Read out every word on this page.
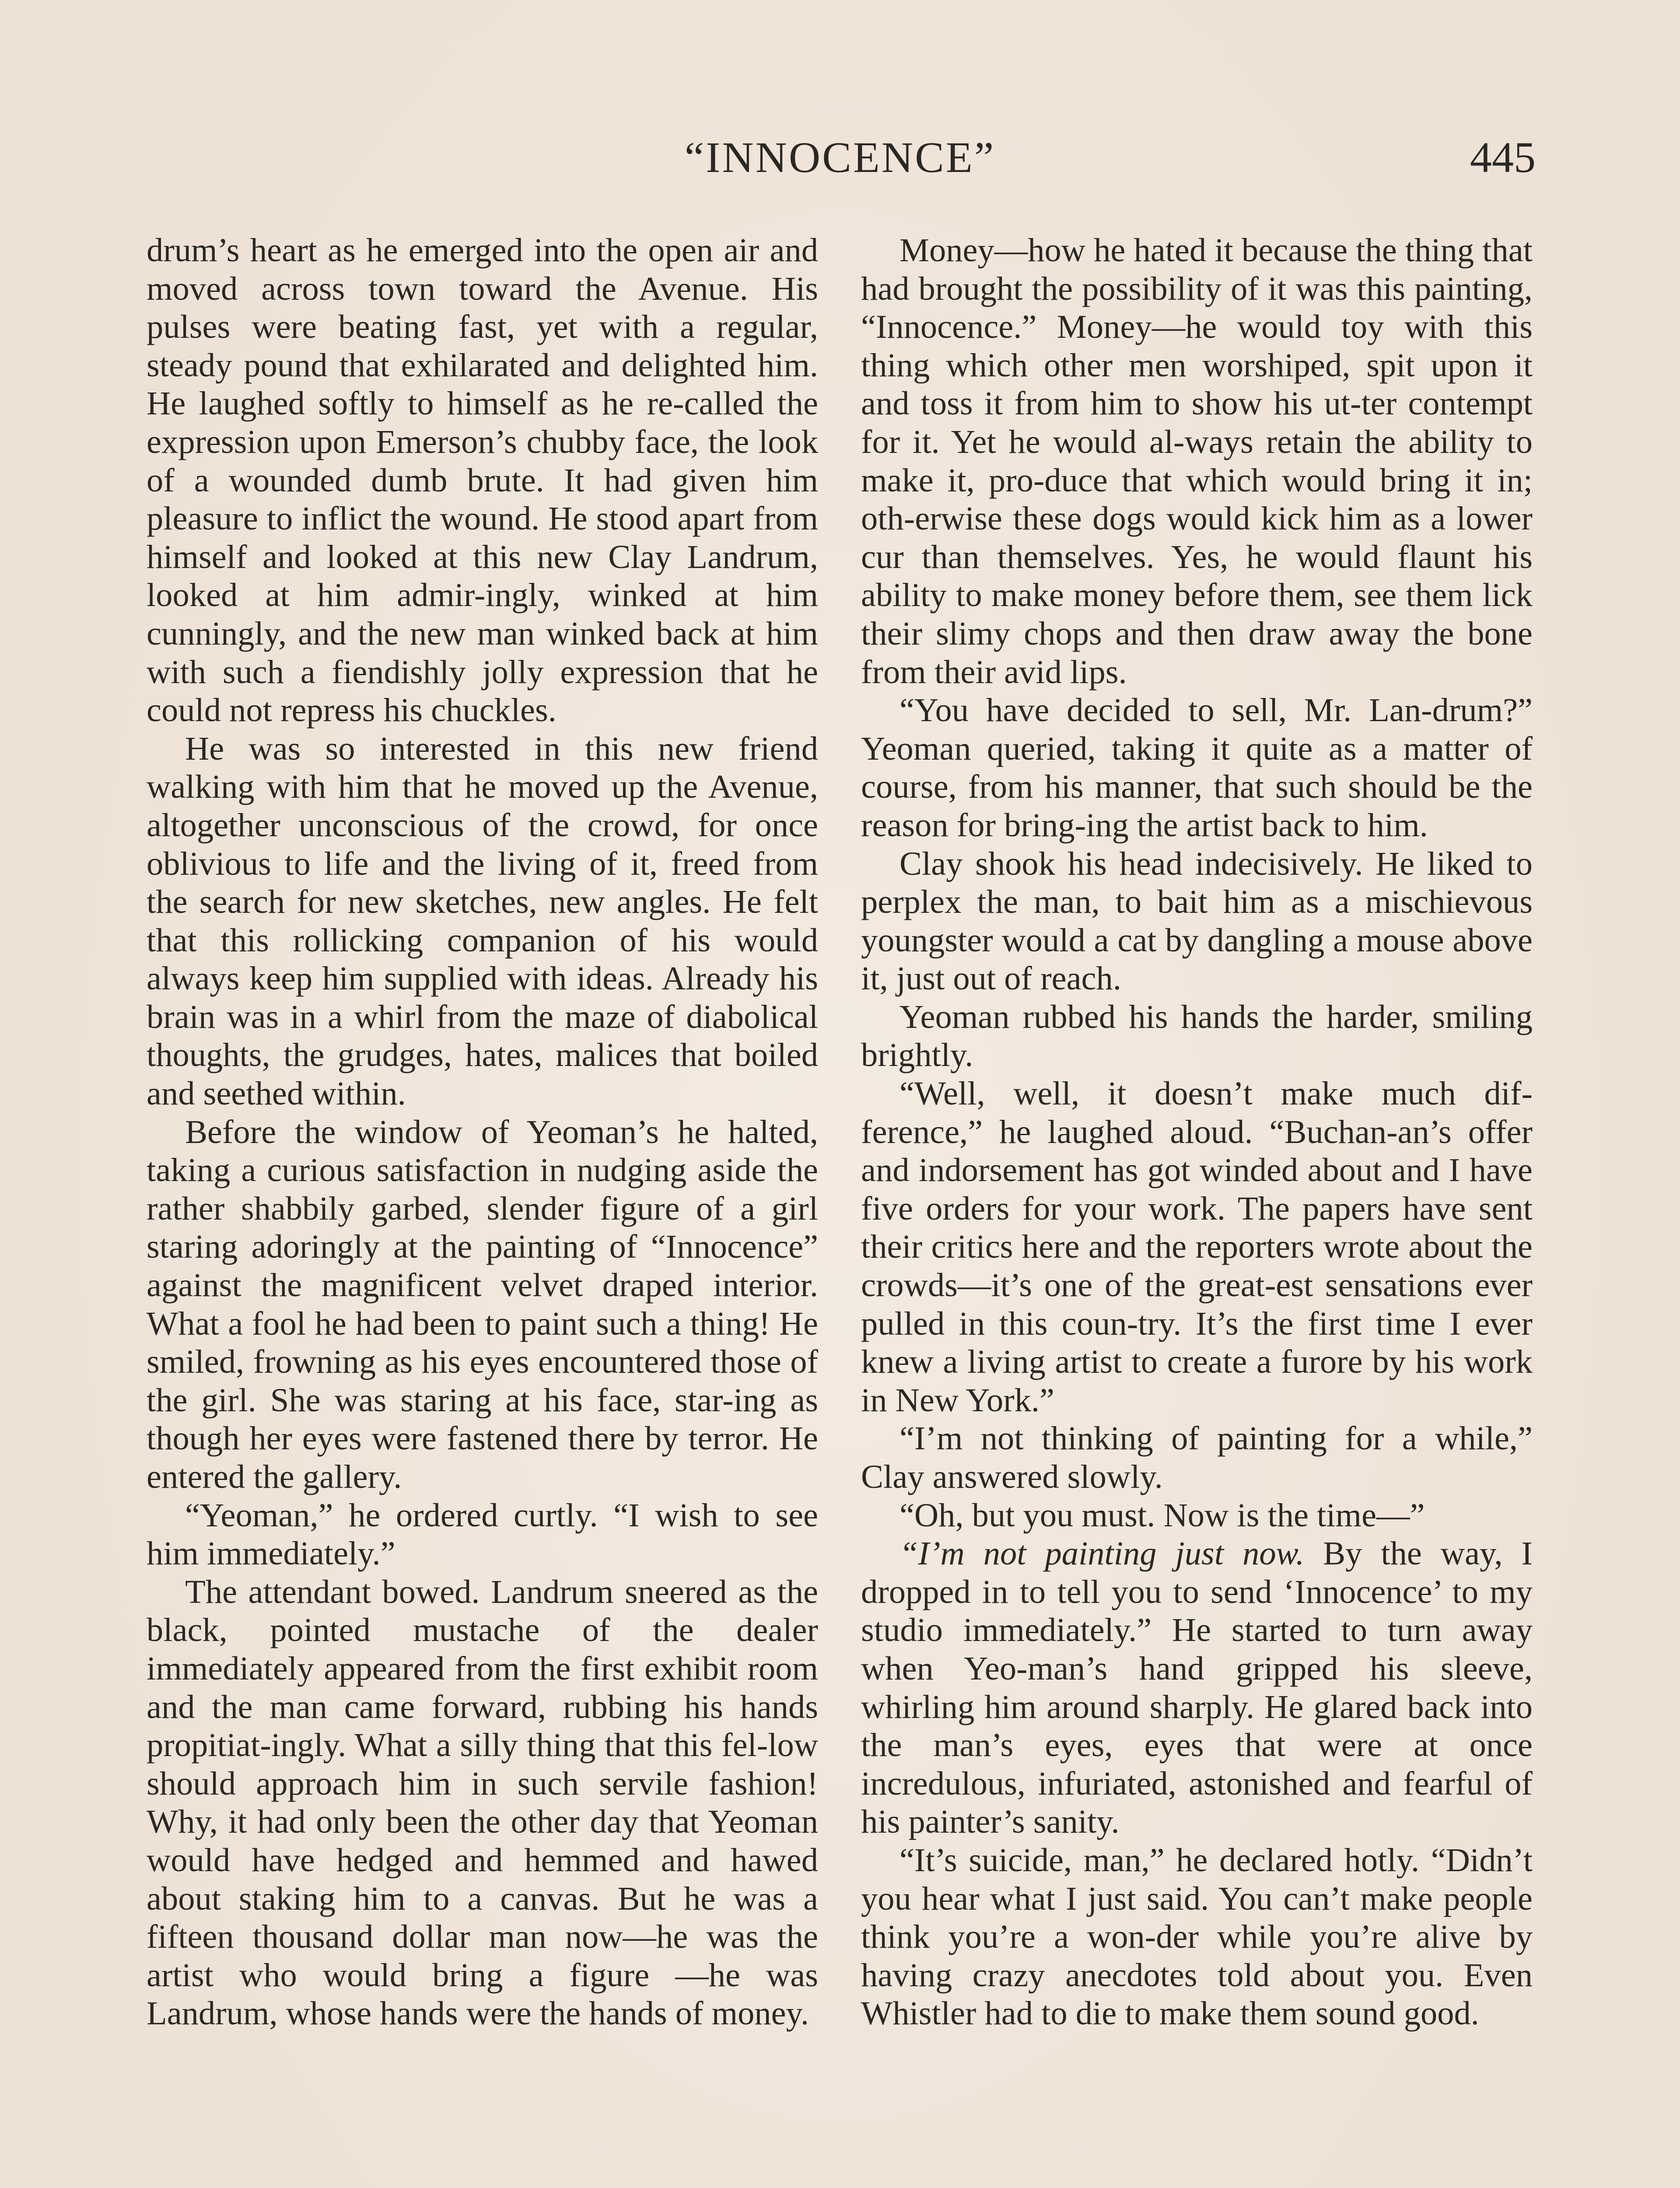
“INNOCENCE”	445

drum’s heart as he emerged into the open air and moved across town toward the Avenue. His pulses were beating fast, yet with a regular, steady pound that exhilarated and delighted him. He laughed softly to himself as he re-called the expression upon Emerson’s chubby face, the look of a wounded dumb brute. It had given him pleasure to inflict the wound. He stood apart from himself and looked at this new Clay Landrum, looked at him admir-ingly, winked at him cunningly, and the new man winked back at him with such a fiendishly jolly expression that he could not repress his chuckles.

He was so interested in this new friend walking with him that he moved up the Avenue, altogether unconscious of the crowd, for once oblivious to life and the living of it, freed from the search for new sketches, new angles. He felt that this rollicking companion of his would always keep him supplied with ideas. Already his brain was in a whirl from the maze of diabolical thoughts, the grudges, hates, malices that boiled and seethed within.

Before the window of Yeoman’s he halted, taking a curious satisfaction in nudging aside the rather shabbily garbed, slender figure of a girl staring adoringly at the painting of “Innocence” against the magnificent velvet draped interior. What a fool he had been to paint such a thing! He smiled, frowning as his eyes encountered those of the girl. She was staring at his face, star-ing as though her eyes were fastened there by terror. He entered the gallery.

“Yeoman,” he ordered curtly. “I wish to see him immediately.”

The attendant bowed. Landrum sneered as the black, pointed mustache of the dealer immediately appeared from the first exhibit room and the man came forward, rubbing his hands propitiat-ingly. What a silly thing that this fel-low should approach him in such servile fashion! Why, it had only been the other day that Yeoman would have hedged and hemmed and hawed about staking him to a canvas. But he was a fifteen thousand dollar man now—he was the artist who would bring a figure —he was Landrum, whose hands were the hands of money.

Money—how he hated it because the thing that had brought the possibility of it was this painting, “Innocence.” Money—he would toy with this thing which other men worshiped, spit upon it and toss it from him to show his ut-ter contempt for it. Yet he would al-ways retain the ability to make it, pro-duce that which would bring it in; oth-erwise these dogs would kick him as a lower cur than themselves. Yes, he would flaunt his ability to make money before them, see them lick their slimy chops and then draw away the bone from their avid lips.

“You have decided to sell, Mr. Lan-drum?” Yeoman queried, taking it quite as a matter of course, from his manner, that such should be the reason for bring-ing the artist back to him.

Clay shook his head indecisively. He liked to perplex the man, to bait him as a mischievous youngster would a cat by dangling a mouse above it, just out of reach.

Yeoman rubbed his hands the harder, smiling brightly.

“Well, well, it doesn’t make much dif-ference,” he laughed aloud. “Buchan-an’s offer and indorsement has got winded about and I have five orders for your work. The papers have sent their critics here and the reporters wrote about the crowds—it’s one of the great-est sensations ever pulled in this coun-try. It’s the first time I ever knew a living artist to create a furore by his work in New York.”

“I’m not thinking of painting for a while,” Clay answered slowly.

“Oh, but you must. Now is the time—”

“I’m not painting just now. By the way, I dropped in to tell you to send ‘Innocence’ to my studio immediately.” He started to turn away when Yeo-man’s hand gripped his sleeve, whirling him around sharply. He glared back into the man’s eyes, eyes that were at once incredulous, infuriated, astonished and fearful of his painter’s sanity.

“It’s suicide, man,” he declared hotly. “Didn’t you hear what I just said. You can’t make people think you’re a won-der while you’re alive by having crazy anecdotes told about you. Even Whistler had to die to make them sound good.
